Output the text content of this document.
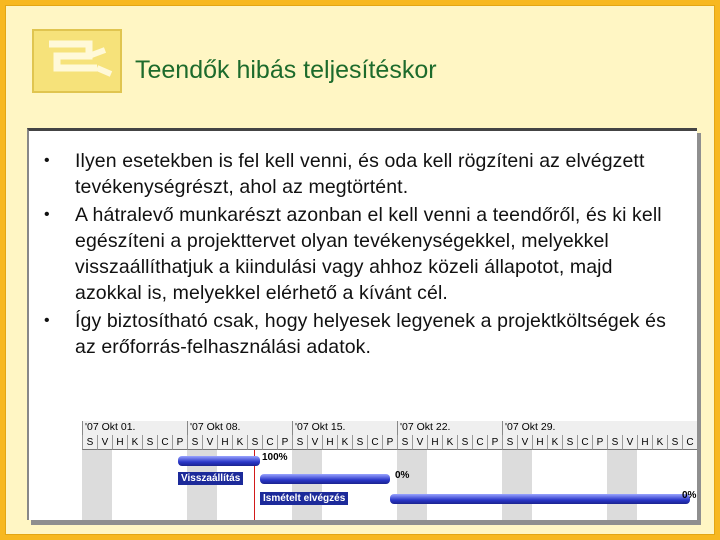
Teendők hibás teljesítéskor
• Ilyen esetekben is fel kell venni, és oda kell rögzíteni az elvégzett tevékenységrészt, ahol az megtörtént.
• A hátralevő munkarészt azonban el kell venni a teendőről, és ki kell egészíteni a projekttervet olyan tevékenységekkel, melyekkel visszaállíthatjuk a kiindulási vagy ahhoz közeli állapotot, majd azokkal is, melyekkel elérhető a kívánt cél.
• Így biztosítható csak, hogy helyesek legyenek a projektköltségek és az erőforrás-felhasználási adatok.
'07 Okt 01.	'07 Okt 08.	'07 Okt 15.	'07 Okt 22.	'07 Okt 29.
S V H K S C P S V H K S C P S V H K S C P S V H K S C P S V H K S C P S V H K S C
100%
Visszaállítás	0%
Ismételt elvégzés	0%
